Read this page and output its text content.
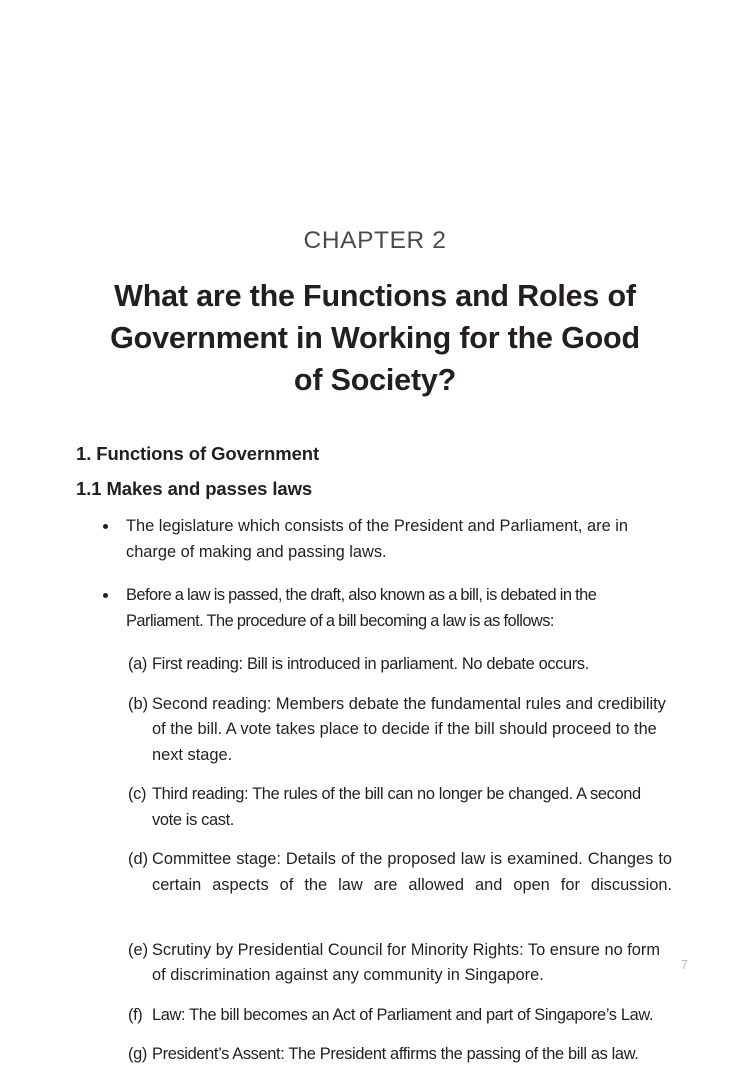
CHAPTER 2
What are the Functions and Roles of
Government in Working for the Good
of Society?
1. Functions of Government
1.1 Makes and passes laws
The legislature which consists of the President and Parliament, are in charge of making and passing laws.
Before a law is passed, the draft, also known as a bill, is debated in the Parliament. The procedure of a bill becoming a law is as follows:
(a) First reading: Bill is introduced in parliament. No debate occurs.
(b) Second reading: Members debate the fundamental rules and credibility of the bill. A vote takes place to decide if the bill should proceed to the next stage.
(c) Third reading: The rules of the bill can no longer be changed. A second vote is cast.
(d) Committee stage: Details of the proposed law is examined. Changes to certain aspects of the law are allowed and open for discussion.
(e) Scrutiny by Presidential Council for Minority Rights: To ensure no form of discrimination against any community in Singapore.
(f) Law: The bill becomes an Act of Parliament and part of Singapore’s Law.
(g) President’s Assent: The President affirms the passing of the bill as law.
7
